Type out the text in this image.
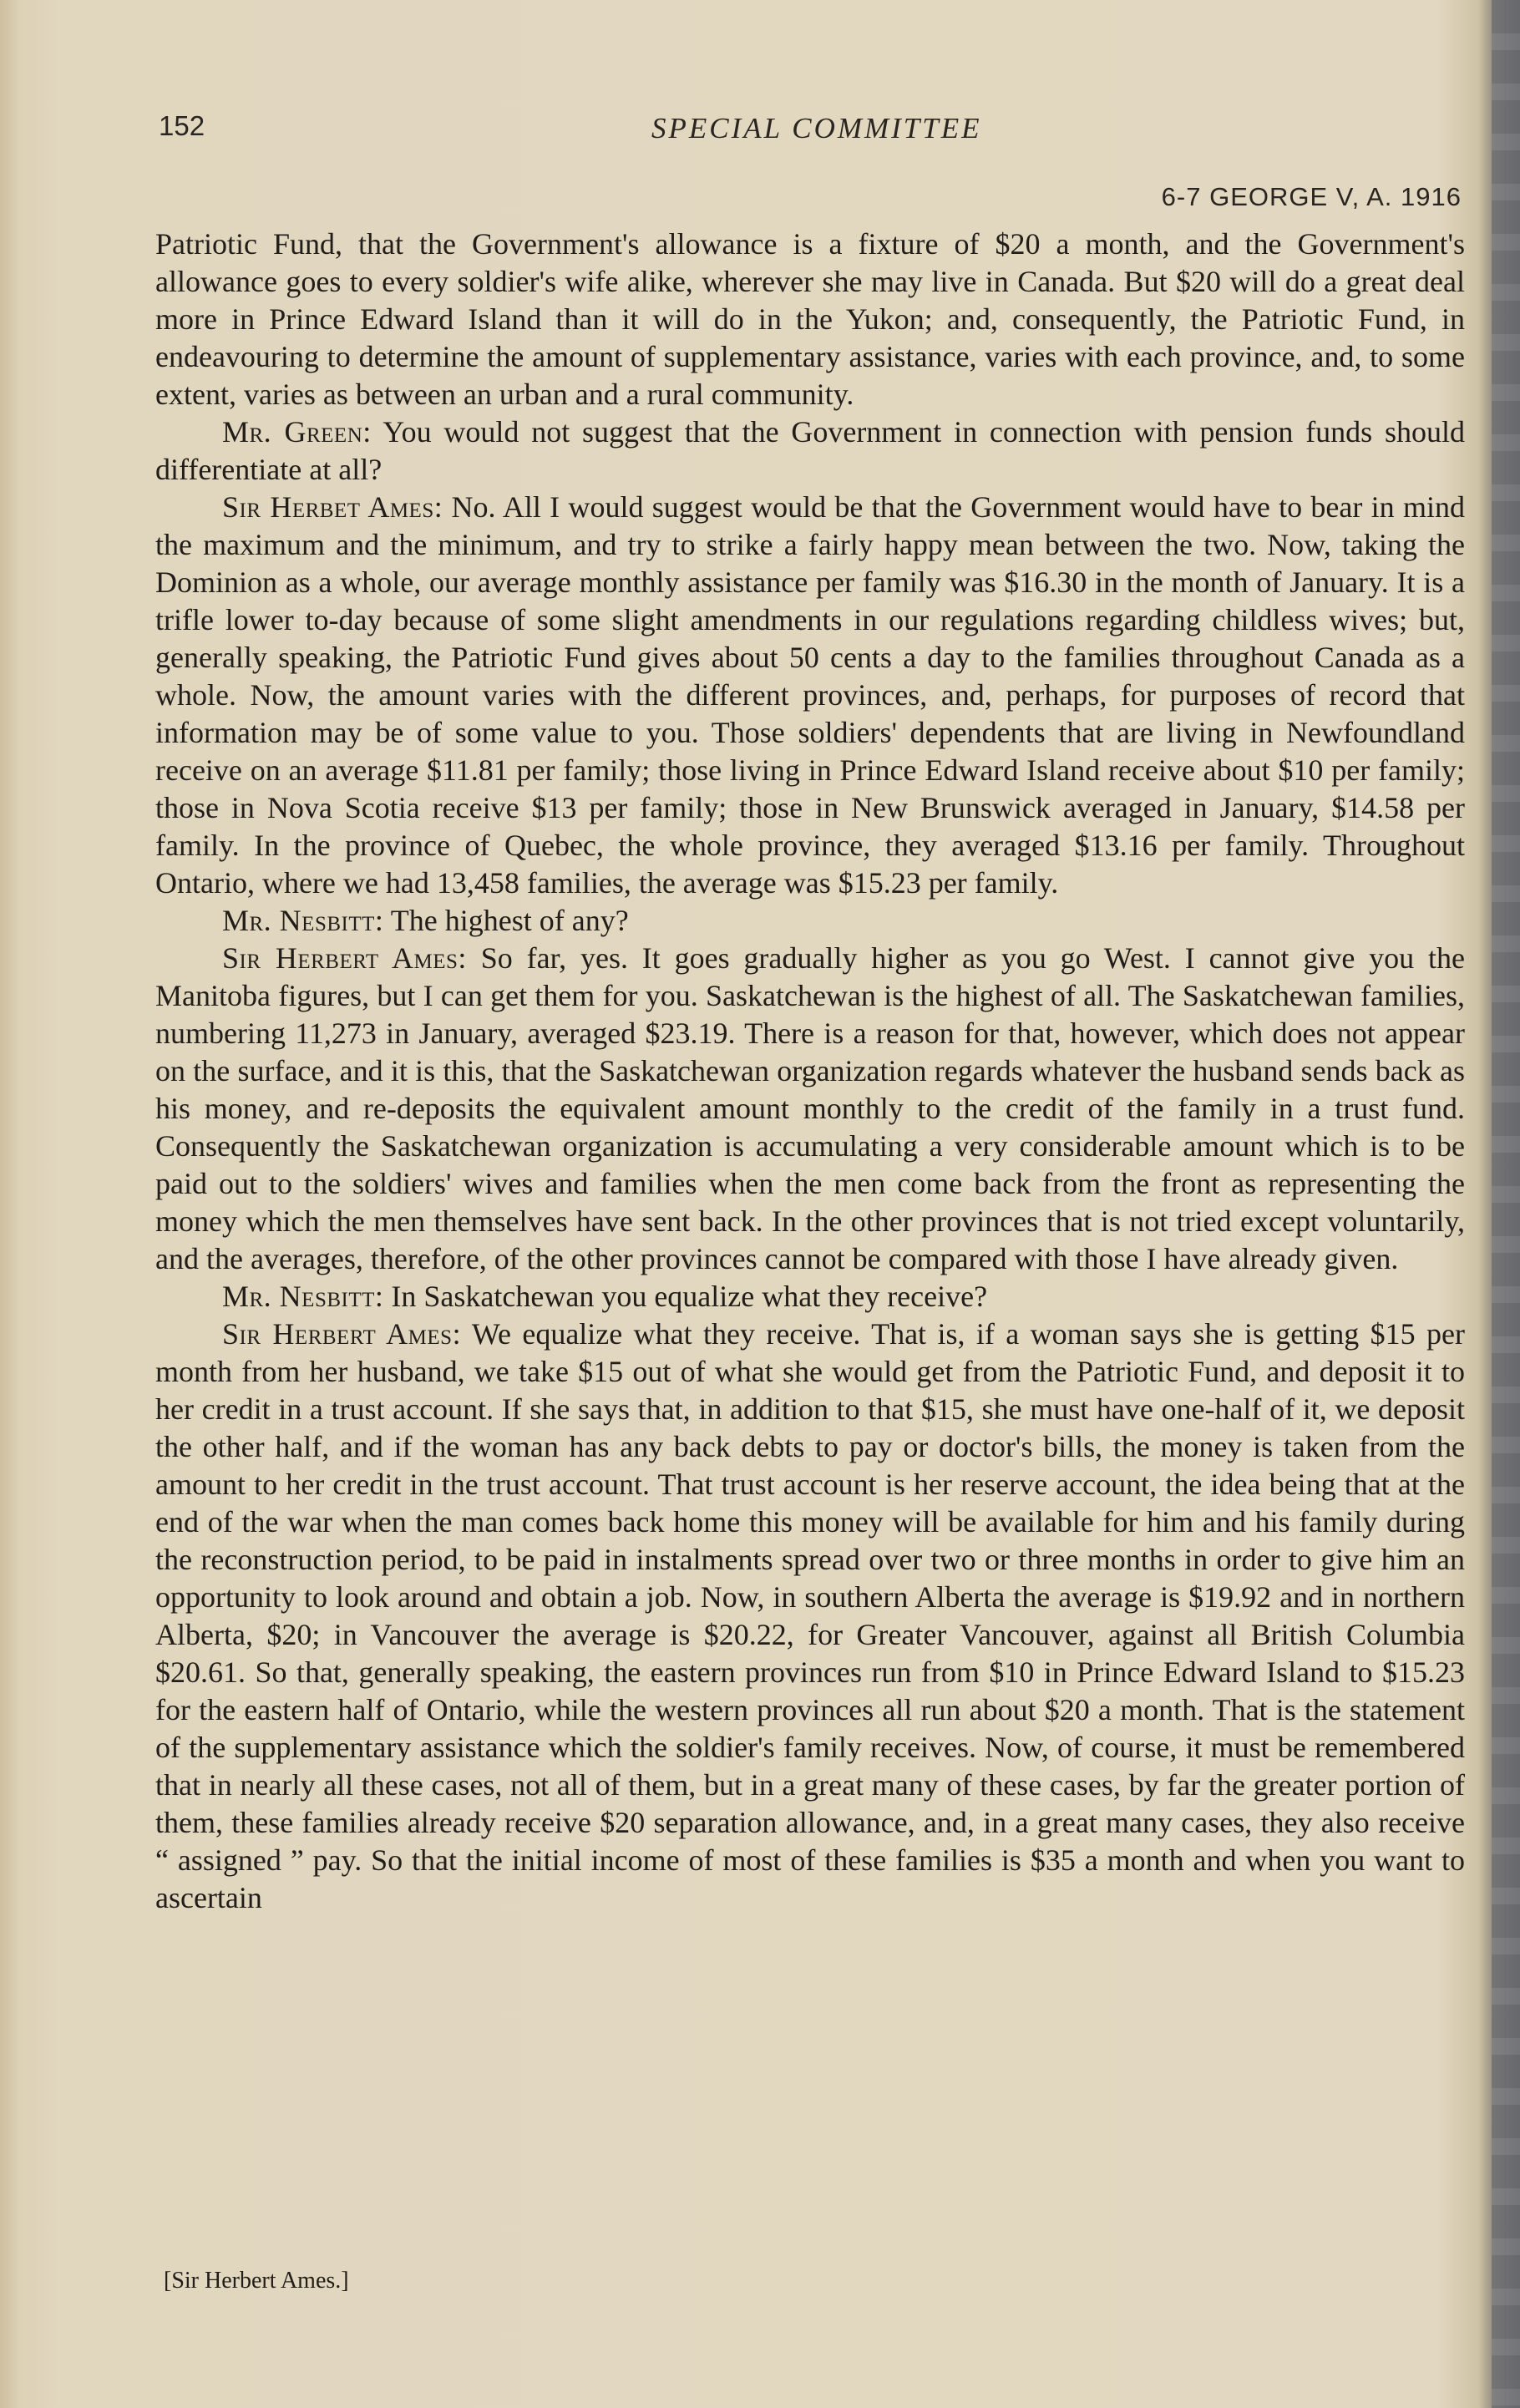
152	SPECIAL COMMITTEE
6-7 GEORGE V, A. 1916

Patriotic Fund, that the Government's allowance is a fixture of $20 a month, and the Government's allowance goes to every soldier's wife alike, wherever she may live in Canada. But $20 will do a great deal more in Prince Edward Island than it will do in the Yukon; and, consequently, the Patriotic Fund, in endeavouring to determine the amount of supplementary assistance, varies with each province, and, to some extent, varies as between an urban and a rural community.

Mr. Green: You would not suggest that the Government in connection with pension funds should differentiate at all?

Sir Herbet Ames: No. All I would suggest would be that the Government would have to bear in mind the maximum and the minimum, and try to strike a fairly happy mean between the two. Now, taking the Dominion as a whole, our average monthly assistance per family was $16.30 in the month of January. It is a trifle lower to-day because of some slight amendments in our regulations regarding childless wives; but, generally speaking, the Patriotic Fund gives about 50 cents a day to the families throughout Canada as a whole. Now, the amount varies with the different provinces, and, perhaps, for purposes of record that information may be of some value to you. Those soldiers' dependents that are living in Newfoundland receive on an average $11.81 per family; those living in Prince Edward Island receive about $10 per family; those in Nova Scotia receive $13 per family; those in New Brunswick averaged in January, $14.58 per family. In the province of Quebec, the whole province, they averaged $13.16 per family. Throughout Ontario, where we had 13,458 families, the average was $15.23 per family.

Mr. Nesbitt: The highest of any?

Sir Herbert Ames: So far, yes. It goes gradually higher as you go West. I cannot give you the Manitoba figures, but I can get them for you. Saskatchewan is the highest of all. The Saskatchewan families, numbering 11,273 in January, averaged $23.19. There is a reason for that, however, which does not appear on the surface, and it is this, that the Saskatchewan organization regards whatever the husband sends back as his money, and re-deposits the equivalent amount monthly to the credit of the family in a trust fund. Consequently the Saskatchewan organization is accumulating a very considerable amount which is to be paid out to the soldiers' wives and families when the men come back from the front as representing the money which the men themselves have sent back. In the other provinces that is not tried except voluntarily, and the averages, therefore, of the other provinces cannot be compared with those I have already given.

Mr. Nesbitt: In Saskatchewan you equalize what they receive?

Sir Herbert Ames: We equalize what they receive. That is, if a woman says she is getting $15 per month from her husband, we take $15 out of what she would get from the Patriotic Fund, and deposit it to her credit in a trust account. If she says that, in addition to that $15, she must have one-half of it, we deposit the other half, and if the woman has any back debts to pay or doctor's bills, the money is taken from the amount to her credit in the trust account. That trust account is her reserve account, the idea being that at the end of the war when the man comes back home this money will be available for him and his family during the reconstruction period, to be paid in instalments spread over two or three months in order to give him an opportunity to look around and obtain a job. Now, in southern Alberta the average is $19.92 and in northern Alberta, $20; in Vancouver the average is $20.22, for Greater Vancouver, against all British Columbia $20.61. So that, generally speaking, the eastern provinces run from $10 in Prince Edward Island to $15.23 for the eastern half of Ontario, while the western provinces all run about $20 a month. That is the statement of the supplementary assistance which the soldier's family receives. Now, of course, it must be remembered that in nearly all these cases, not all of them, but in a great many of these cases, by far the greater portion of them, these families already receive $20 separation allowance, and, in a great many cases, they also receive “ assigned ” pay. So that the initial income of most of these families is $35 a month and when you want to ascertain

[Sir Herbert Ames.]
